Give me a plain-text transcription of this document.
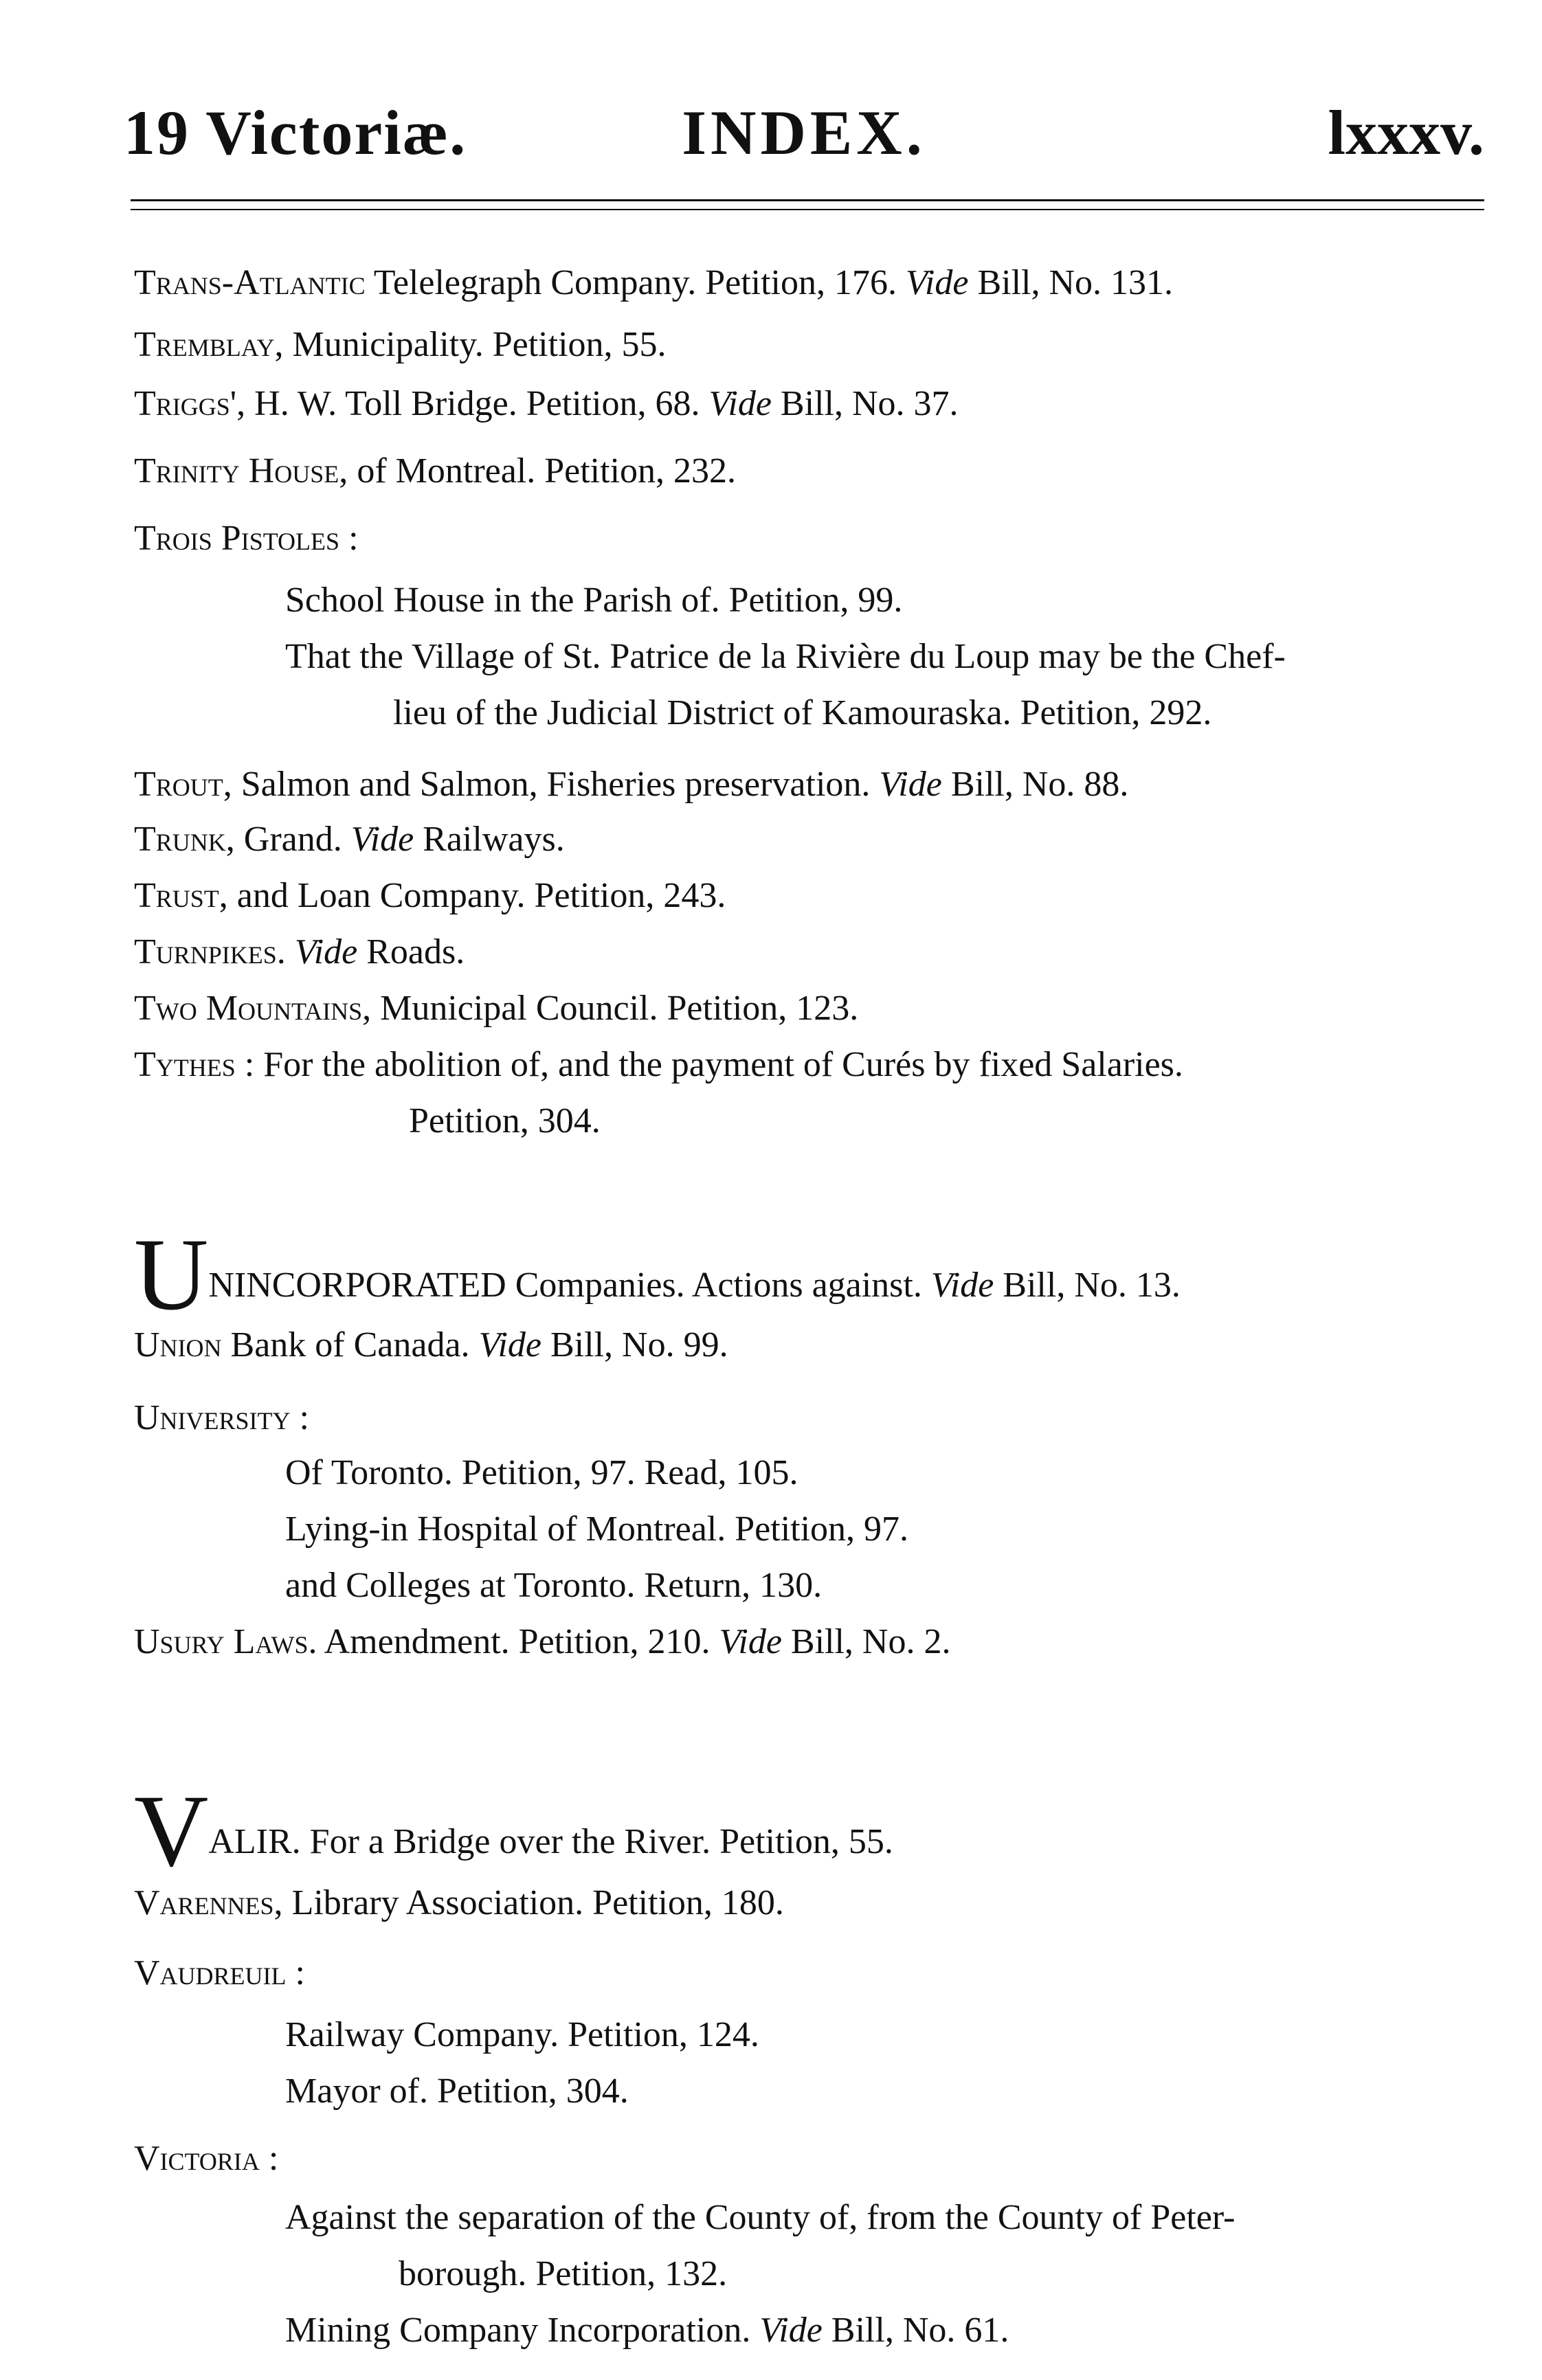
19 Victoriæ.	INDEX.	lxxxv.
Trans-Atlantic Telelegraph Company. Petition, 176. Vide Bill, No. 131.
Tremblay, Municipality. Petition, 55.
Triggs', H. W. Toll Bridge. Petition, 68. Vide Bill, No. 37.
Trinity House, of Montreal. Petition, 232.
Trois Pistoles :
School House in the Parish of. Petition, 99.
That the Village of St. Patrice de la Rivière du Loup may be the Chef-
lieu of the Judicial District of Kamouraska. Petition, 292.
Trout, Salmon and Salmon, Fisheries preservation. Vide Bill, No. 88.
Trunk, Grand. Vide Railways.
Trust, and Loan Company. Petition, 243.
Turnpikes. Vide Roads.
Two Mountains, Municipal Council. Petition, 123.
Tythes : For the abolition of, and the payment of Curés by fixed Salaries.
Petition, 304.
UNINCORPORATED Companies. Actions against. Vide Bill, No. 13.
Union Bank of Canada. Vide Bill, No. 99.
University :
Of Toronto. Petition, 97. Read, 105.
Lying-in Hospital of Montreal. Petition, 97.
and Colleges at Toronto. Return, 130.
Usury Laws. Amendment. Petition, 210. Vide Bill, No. 2.
VALIR. For a Bridge over the River. Petition, 55.
Varennes, Library Association. Petition, 180.
Vaudreuil :
Railway Company. Petition, 124.
Mayor of. Petition, 304.
Victoria :
Against the separation of the County of, from the County of Peter-
borough. Petition, 132.
Mining Company Incorporation. Vide Bill, No. 61.
